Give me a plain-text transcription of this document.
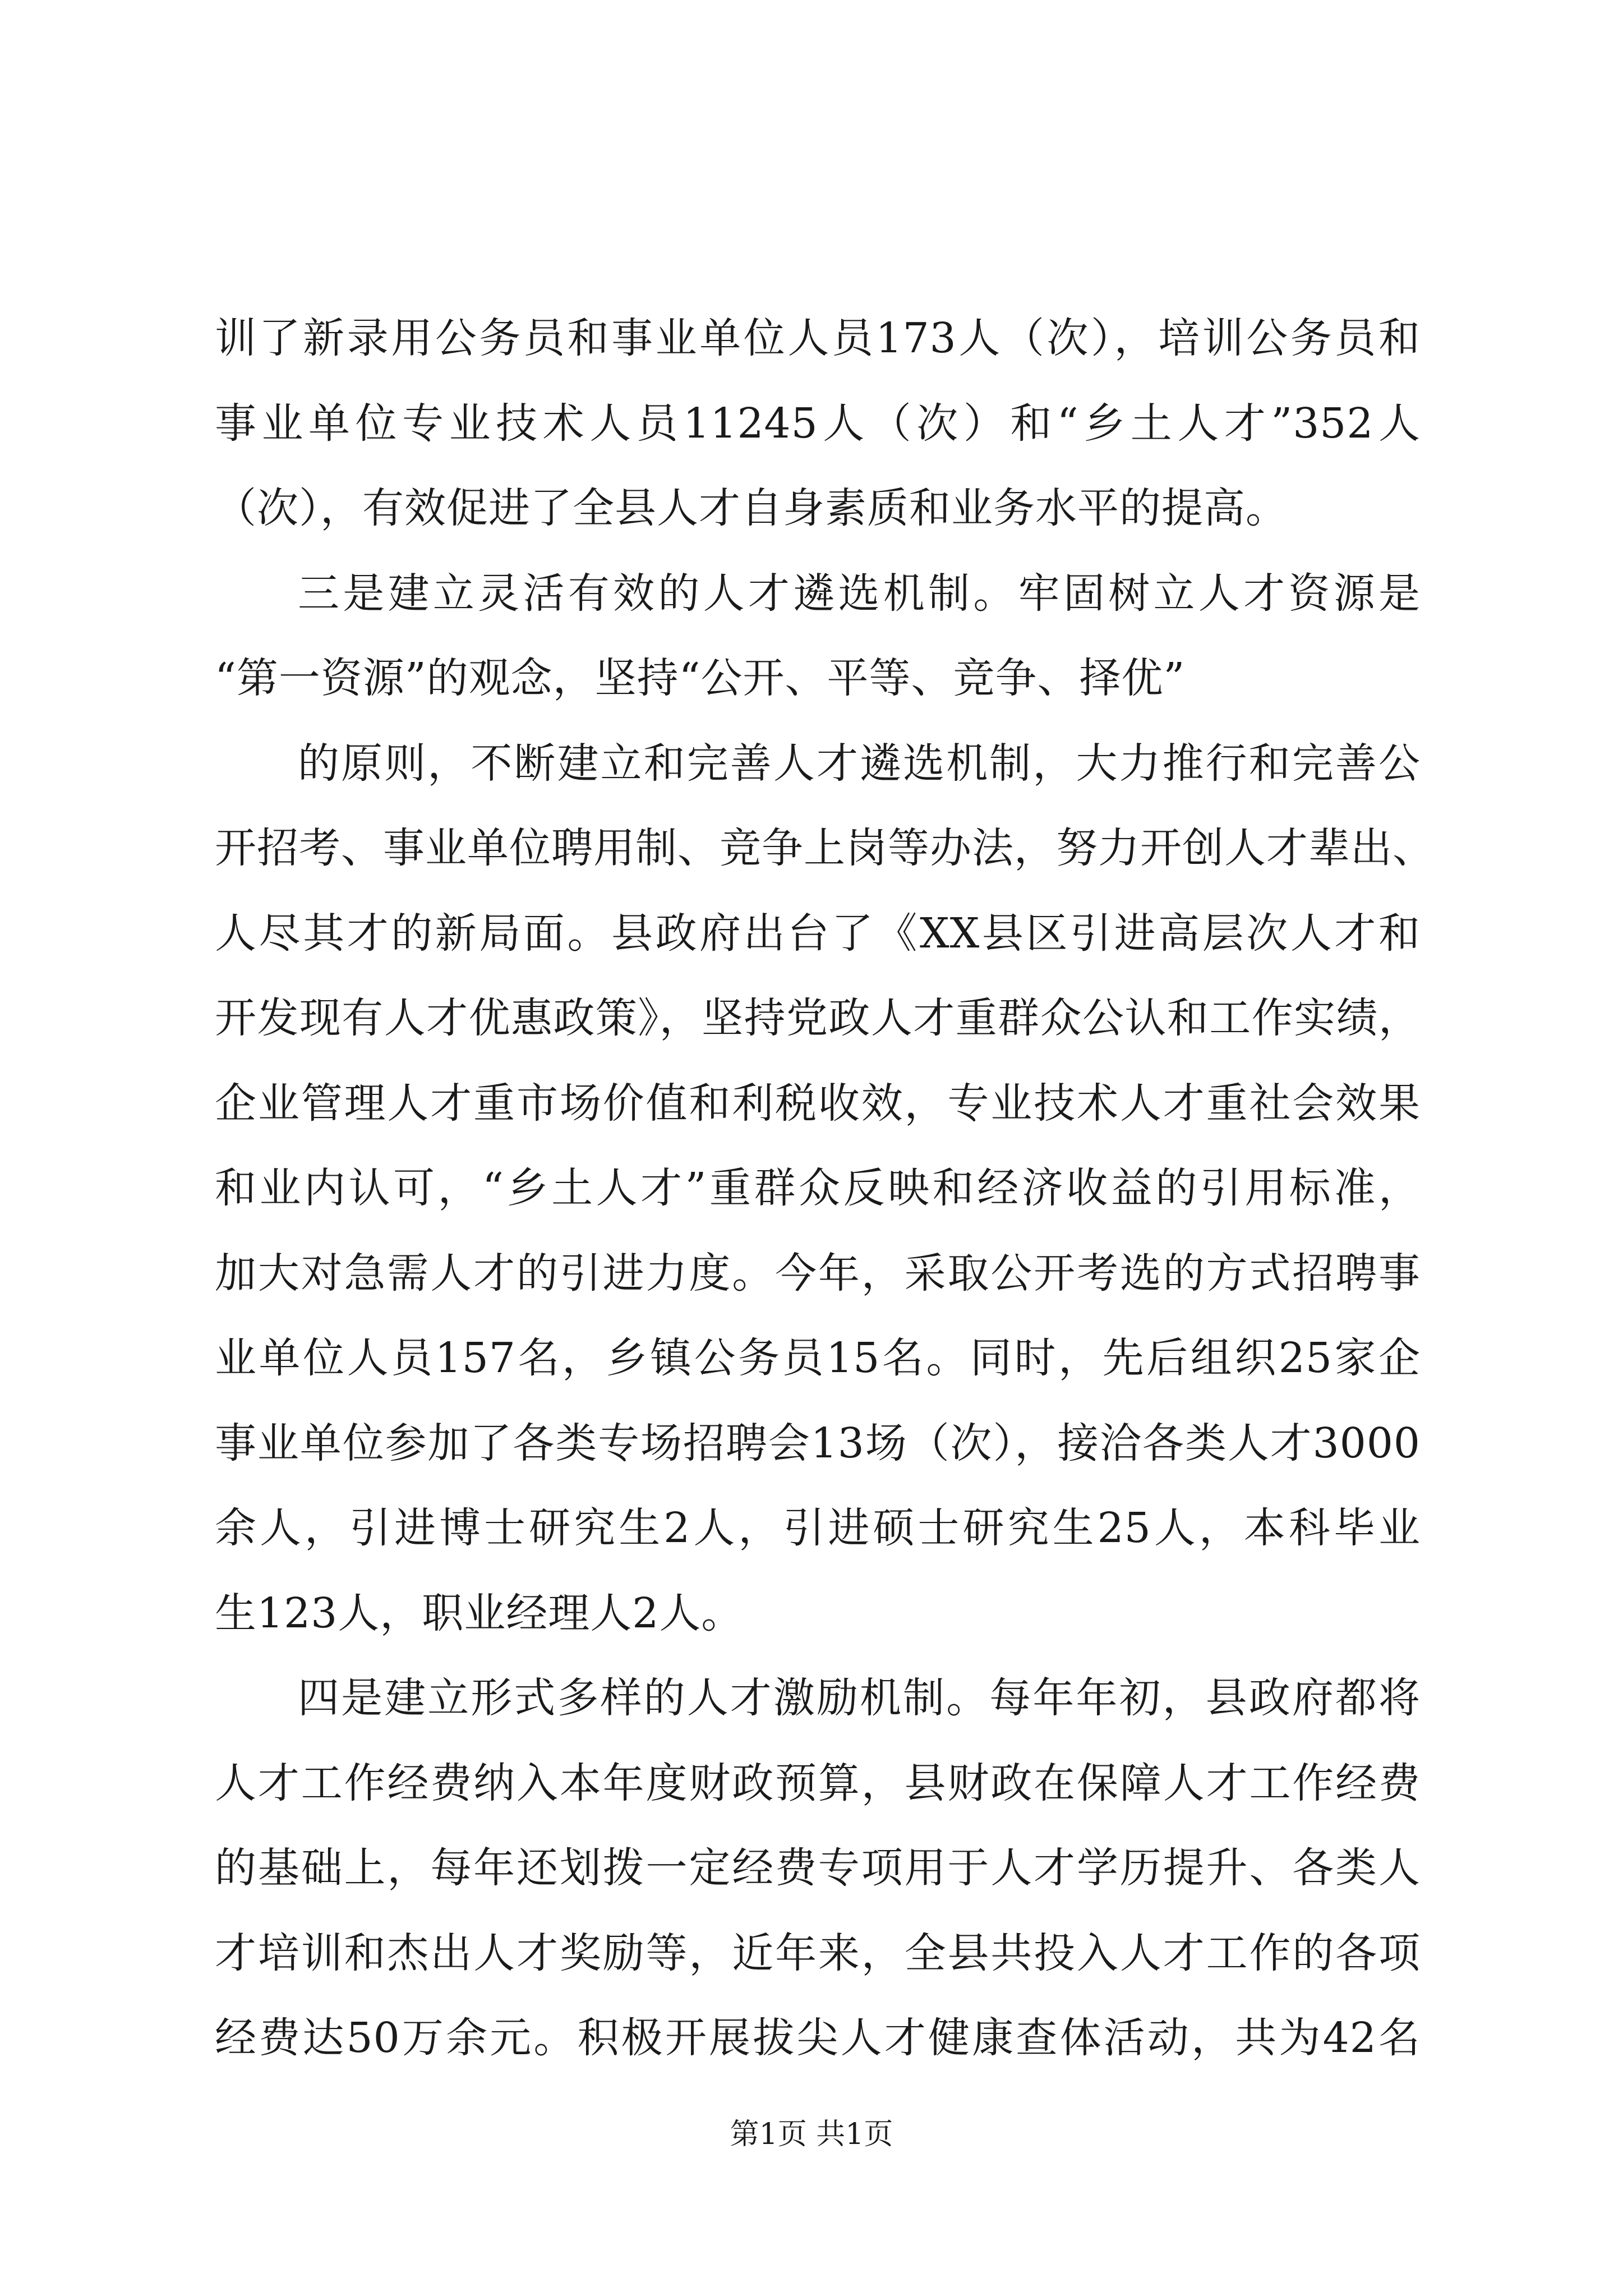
训了新录用公务员和事业单位人员173人（次），培训公务员和
事业单位专业技术人员11245人（次）和“乡土人才”352人
（次），有效促进了全县人才自身素质和业务水平的提高。
三是建立灵活有效的人才遴选机制。牢固树立人才资源是
“第一资源”的观念，坚持“公开、平等、竞争、择优”
的原则，不断建立和完善人才遴选机制，大力推行和完善公
开招考、事业单位聘用制、竞争上岗等办法，努力开创人才辈出、
人尽其才的新局面。县政府出台了《XX县区引进高层次人才和
开发现有人才优惠政策》，坚持党政人才重群众公认和工作实绩，
企业管理人才重市场价值和利税收效，专业技术人才重社会效果
和业内认可，“乡土人才”重群众反映和经济收益的引用标准，
加大对急需人才的引进力度。今年，采取公开考选的方式招聘事
业单位人员157名，乡镇公务员15名。同时，先后组织25家企
事业单位参加了各类专场招聘会13场（次），接洽各类人才3000
余人，引进博士研究生2人，引进硕士研究生25人，本科毕业
生123人，职业经理人2人。
四是建立形式多样的人才激励机制。每年年初，县政府都将
人才工作经费纳入本年度财政预算，县财政在保障人才工作经费
的基础上，每年还划拨一定经费专项用于人才学历提升、各类人
才培训和杰出人才奖励等，近年来，全县共投入人才工作的各项
经费达50万余元。积极开展拔尖人才健康查体活动，共为42名
第1页 共1页
